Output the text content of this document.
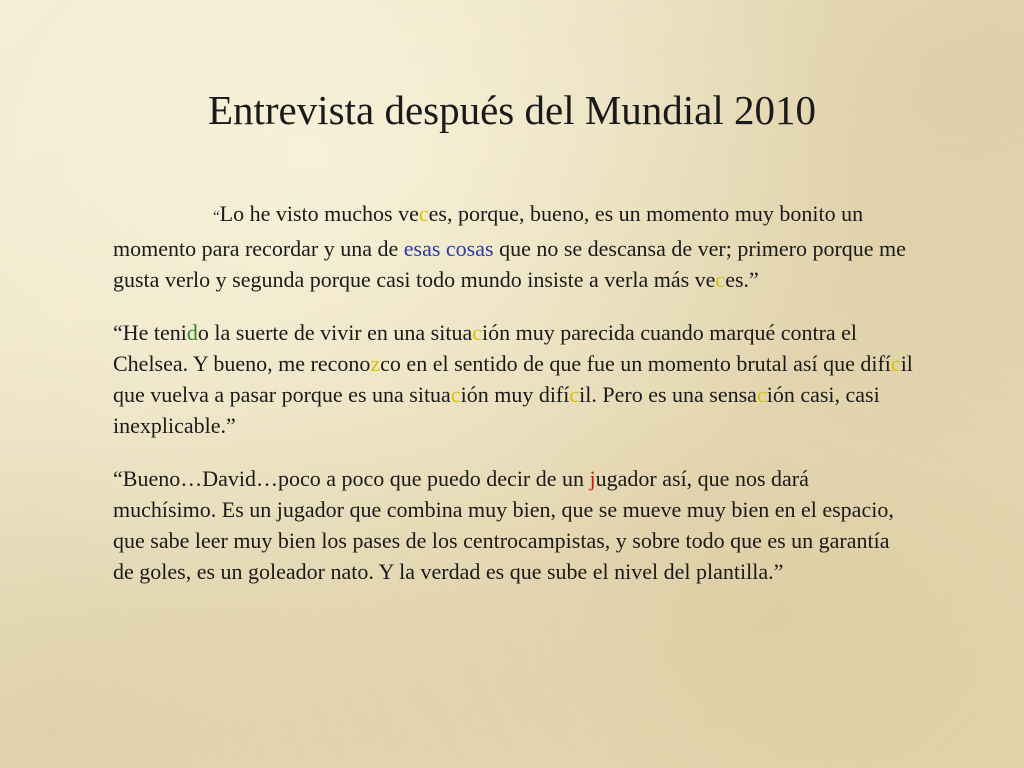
Entrevista después del Mundial 2010

“Lo he visto muchos veces, porque, bueno, es un momento muy bonito un momento para recordar y una de esas cosas que no se descansa de ver; primero porque me gusta verlo y segunda porque casi todo mundo insiste a verla más veces.”

“He tenido la suerte de vivir en una situación muy parecida cuando marqué contra el Chelsea. Y bueno, me reconozco en el sentido de que fue un momento brutal así que difícil que vuelva a pasar porque es una situación muy difícil. Pero es una sensación casi, casi inexplicable.”

“Bueno…David…poco a poco que puedo decir de un jugador así, que nos dará muchísimo. Es un jugador que combina muy bien, que se mueve muy bien en el espacio, que sabe leer muy bien los pases de los centrocampistas, y sobre todo que es un garantía de goles, es un goleador nato. Y la verdad es que sube el nivel del plantilla.”
